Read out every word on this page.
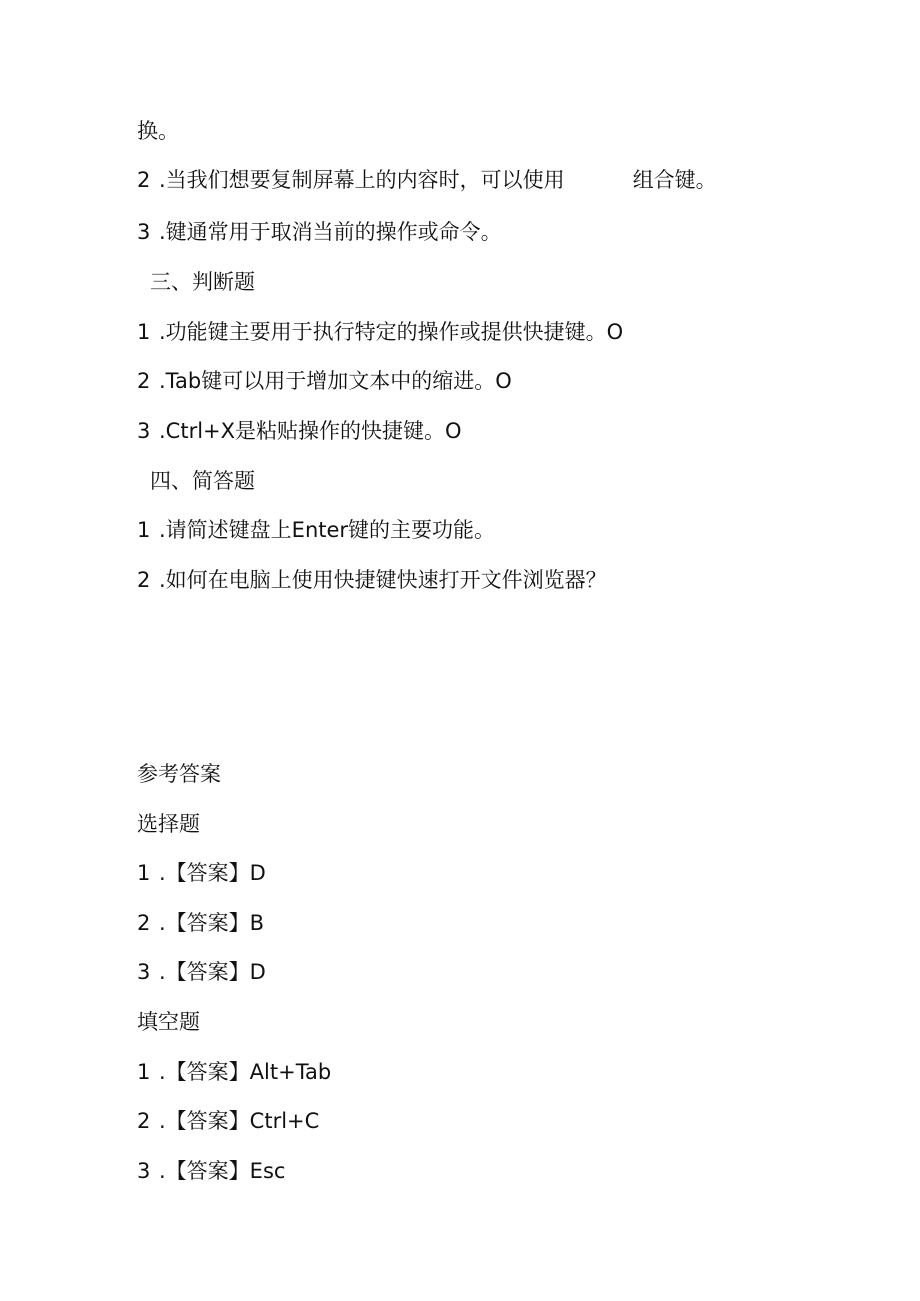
换。
2 .当我们想要复制屏幕上的内容时，可以使用	组合键。
3 .键通常用于取消当前的操作或命令。
三、判断题
1 .功能键主要用于执行特定的操作或提供快捷键。O
2 .Tab键可以用于增加文本中的缩进。O
3 .Ctrl+X是粘贴操作的快捷键。O
四、简答题
1 .请简述键盘上Enter键的主要功能。
2 .如何在电脑上使用快捷键快速打开文件浏览器？
参考答案
选择题
1 .【答案】D
2 .【答案】B
3 .【答案】D
填空题
1 .【答案】Alt+Tab
2 .【答案】Ctrl+C
3 .【答案】Esc
